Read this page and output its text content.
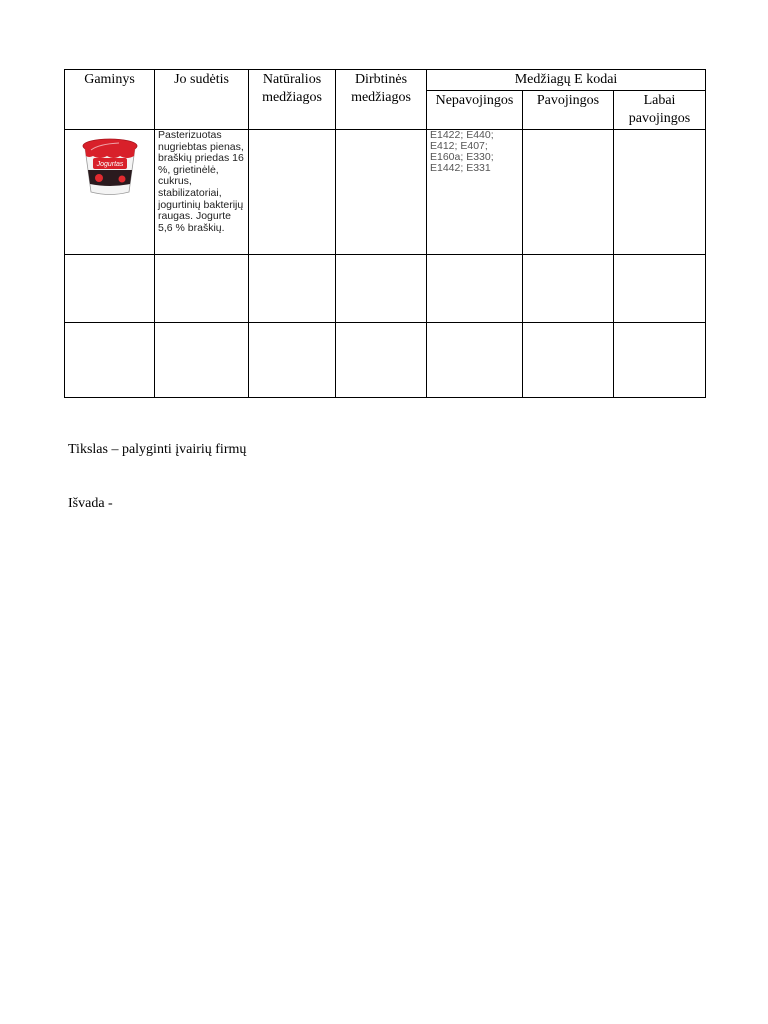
Gaminys	Jo sudėtis	Natūralios medžiagos	Dirbtinės medžiagos	Medžiagų E kodai		
				Nepavojingos	Pavojingos	Labai pavojingos

Jogurtas	Pasterizuotas nugriebtas pienas, braškių priedas 16 %, grietinėlė, cukrus, stabilizatoriai, jogurtinių bakterijų raugas. Jogurte 5,6 % braškių.			E1422; E440; E412; E407; E160a; E330; E1442; E331		

Tikslas – palyginti įvairių firmų
Išvada -
